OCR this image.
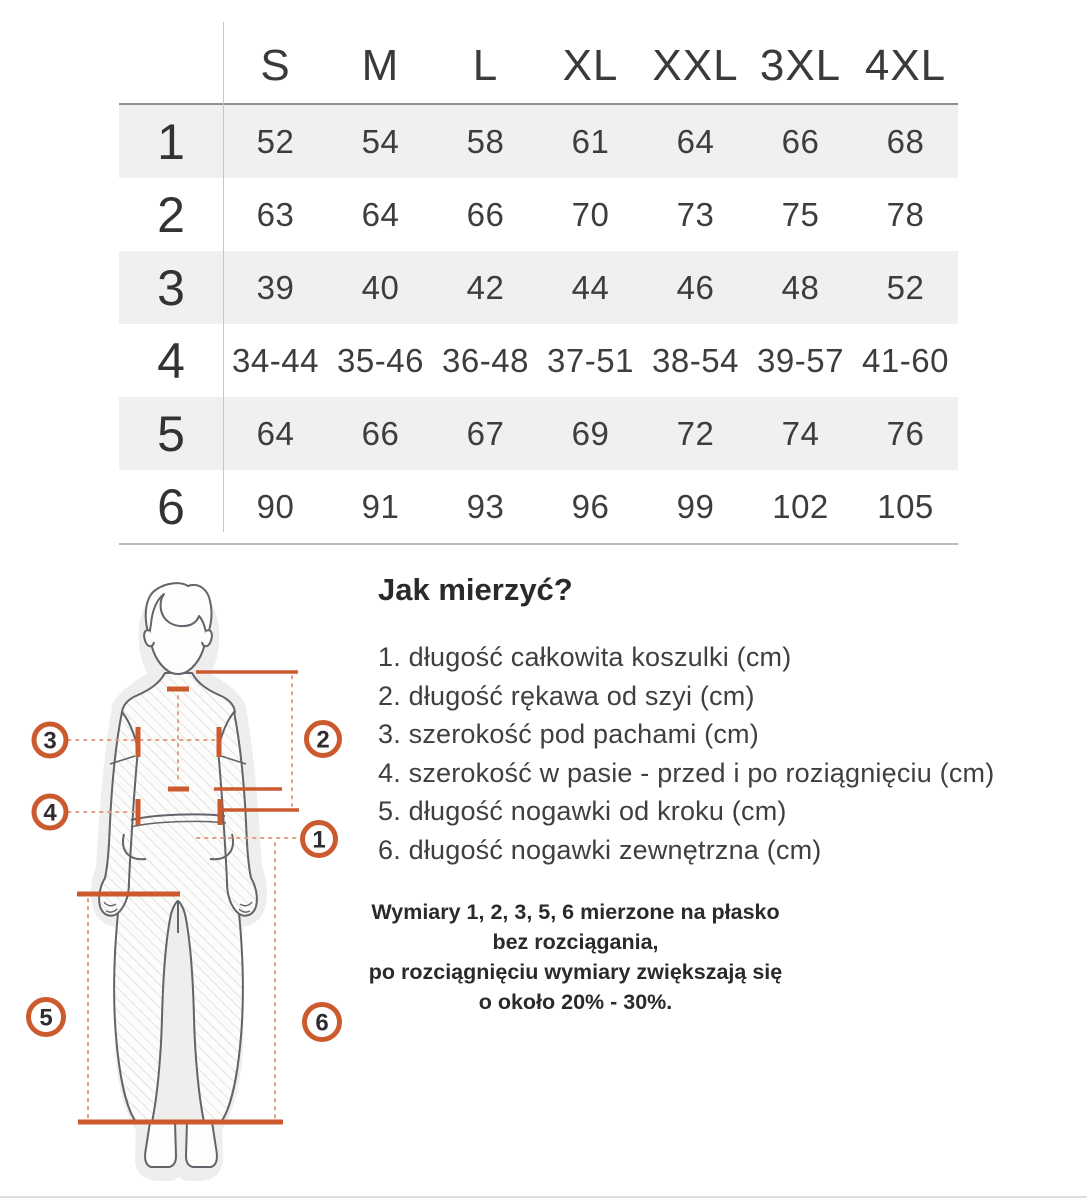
S	M	L	XL XXL 3XL 4XL
1	52	54	58	61	64	66	68
2	63	64	66	70	73	75	78
3	39	40	42	44	46	48	52
4	34-44 35-46 36-48 37-51 38-54 39-57 41-60
5	64	66	67	69	72	74	76
6	90	91	93	96	99	102	105
3
4
2
1
5	6
Jak mierzyć?
1. długość całkowita koszulki (cm)
2. długość rękawa od szyi (cm)
3. szerokość pod pachami (cm)
4. szerokość w pasie - przed i po roziągnięciu (cm)
5. długość nogawki od kroku (cm)
6. długość nogawki zewnętrzna (cm)
Wymiary 1, 2, 3, 5, 6 mierzone na płasko bez rozciągania,
po rozciągnięciu wymiary zwiększają się
o około 20% - 30%.
